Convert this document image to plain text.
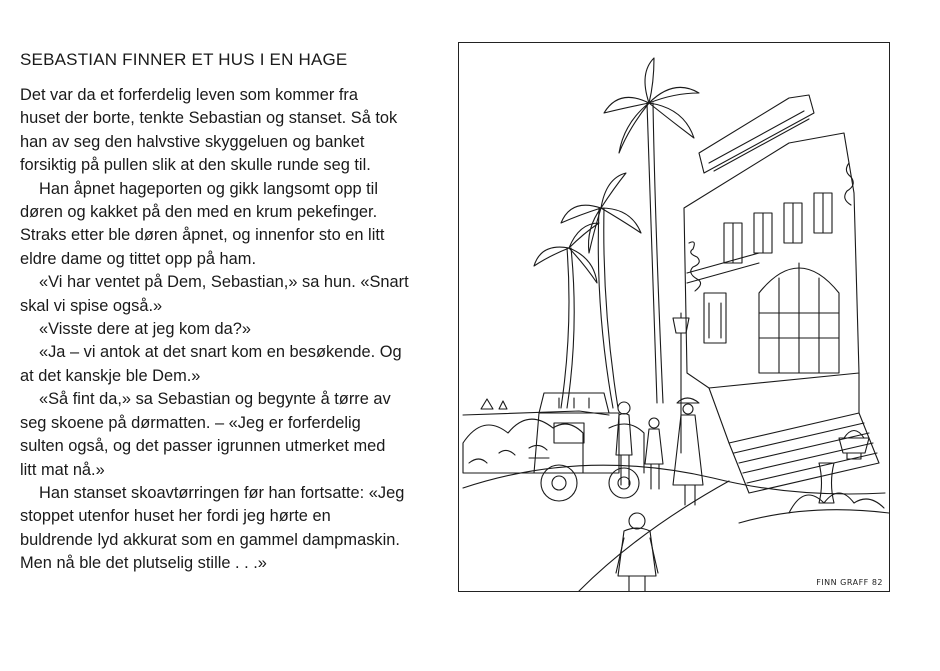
SEBASTIAN FINNER ET HUS I EN HAGE

Det var da et forferdelig leven som kommer fra
huset der borte, tenkte Sebastian og stanset. Så tok
han av seg den halvstive skyggeluen og banket
forsiktig på pullen slik at den skulle runde seg til.

Han åpnet hageporten og gikk langsomt opp til
døren og kakket på den med en krum pekefinger.
Straks etter ble døren åpnet, og innenfor sto en litt
eldre dame og tittet opp på ham.

«Vi har ventet på Dem, Sebastian,» sa hun. «Snart
skal vi spise også.»

«Visste dere at jeg kom da?»

«Ja – vi antok at det snart kom en besøkende. Og
at det kanskje ble Dem.»

«Så fint da,» sa Sebastian og begynte å tørre av
seg skoene på dørmatten. – «Jeg er forferdelig
sulten også, og det passer igrunnen utmerket med
litt mat nå.»

Han stanset skoavtørringen før han fortsatte: «Jeg
stoppet utenfor huset her fordi jeg hørte en
buldrende lyd akkurat som en gammel dampmaskin.
Men nå ble det plutselig stille . . .»

FINN GRAFF 82
